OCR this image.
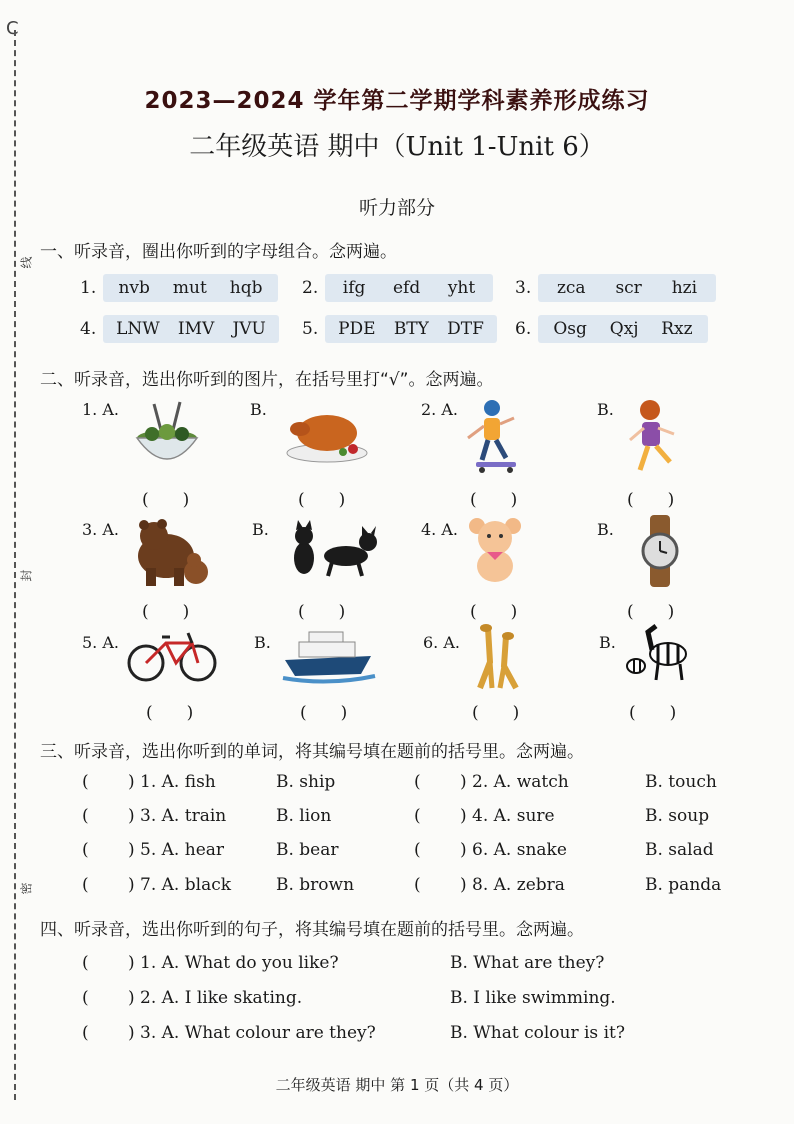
C
线
封
密
2023—2024 学年第二学期学科素养形成练习
二年级英语 期中（Unit 1-Unit 6）
听力部分
一、听录音，圈出你听到的字母组合。念两遍。
1. nvb mut hqb 2. ifg efd yht 3. zca scr hzi
4. LNW IMV JVU 5. PDE BTY DTF 6. Osg Qxj Rxz
二、听录音，选出你听到的图片，在括号里打“√”。念两遍。
1. A.	B.	2. A.	B.
(　　)	(　　)	(　　)	(　　)
3. A.	B.	4. A.	B.
(　　)	(　　)	(　　)	(　　)
5. A.	B.	6. A.	B.
(　　)	(　　)	(　　)	(　　)
三、听录音，选出你听到的单词，将其编号填在题前的括号里。念两遍。
( ) 1. A. fish	B. ship	( ) 2. A. watch	B. touch
( ) 3. A. train	B. lion	( ) 4. A. sure	B. soup
( ) 5. A. hear	B. bear	( ) 6. A. snake	B. salad
( ) 7. A. black	B. brown	( ) 8. A. zebra	B. panda
四、听录音，选出你听到的句子，将其编号填在题前的括号里。念两遍。
( ) 1. A. What do you like?	B. What are they?
( ) 2. A. I like skating.	B. I like swimming.
( ) 3. A. What colour are they?	B. What colour is it?
二年级英语 期中 第 1 页（共 4 页）
